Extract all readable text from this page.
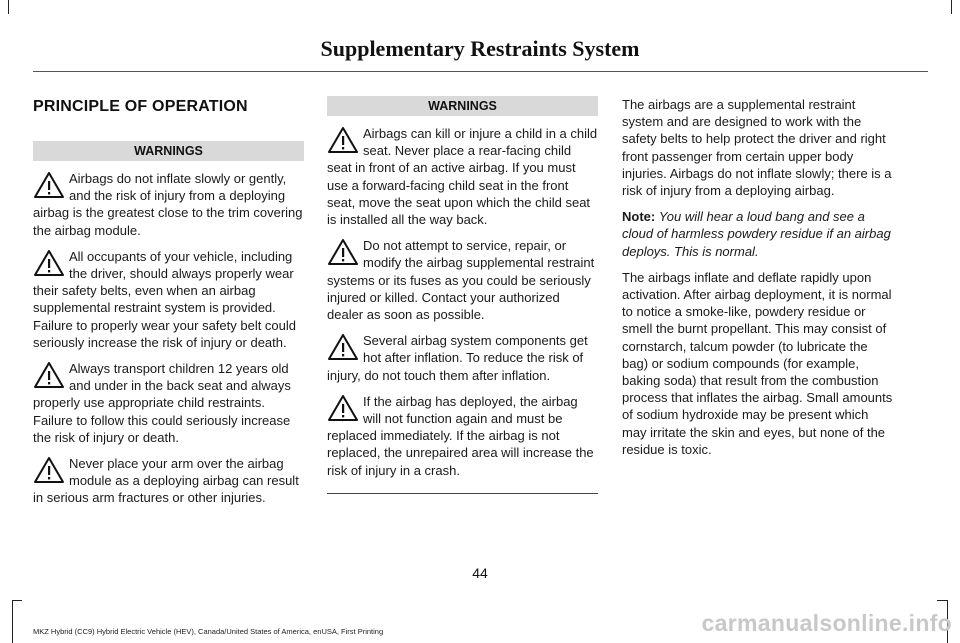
Supplementary Restraints System
PRINCIPLE OF OPERATION
WARNINGS
Airbags do not inflate slowly or gently, and the risk of injury from a deploying airbag is the greatest close to the trim covering the airbag module.
All occupants of your vehicle, including the driver, should always properly wear their safety belts, even when an airbag supplemental restraint system is provided. Failure to properly wear your safety belt could seriously increase the risk of injury or death.
Always transport children 12 years old and under in the back seat and always properly use appropriate child restraints. Failure to follow this could seriously increase the risk of injury or death.
Never place your arm over the airbag module as a deploying airbag can result in serious arm fractures or other injuries.
WARNINGS
Airbags can kill or injure a child in a child seat. Never place a rear-facing child seat in front of an active airbag. If you must use a forward-facing child seat in the front seat, move the seat upon which the child seat is installed all the way back.
Do not attempt to service, repair, or modify the airbag supplemental restraint systems or its fuses as you could be seriously injured or killed. Contact your authorized dealer as soon as possible.
Several airbag system components get hot after inflation. To reduce the risk of injury, do not touch them after inflation.
If the airbag has deployed, the airbag will not function again and must be replaced immediately. If the airbag is not replaced, the unrepaired area will increase the risk of injury in a crash.

The airbags are a supplemental restraint system and are designed to work with the safety belts to help protect the driver and right front passenger from certain upper body injuries. Airbags do not inflate slowly; there is a risk of injury from a deploying airbag.

Note: You will hear a loud bang and see a cloud of harmless powdery residue if an airbag deploys. This is normal.

The airbags inflate and deflate rapidly upon activation. After airbag deployment, it is normal to notice a smoke-like, powdery residue or smell the burnt propellant. This may consist of cornstarch, talcum powder (to lubricate the bag) or sodium compounds (for example, baking soda) that result from the combustion process that inflates the airbag. Small amounts of sodium hydroxide may be present which may irritate the skin and eyes, but none of the residue is toxic.

44
MKZ Hybrid (CC9) Hybrid Electric Vehicle (HEV), Canada/United States of America, enUSA, First Printing	carmanualsonline.info
